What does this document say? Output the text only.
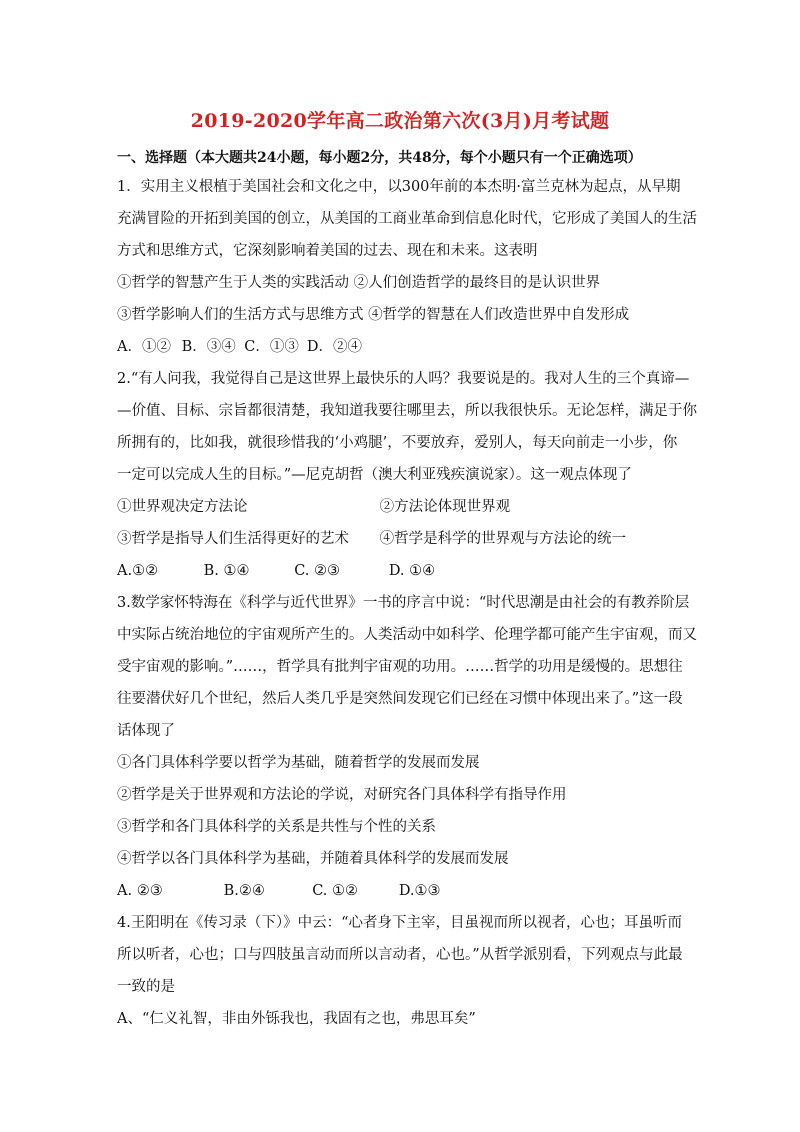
2019-2020学年高二政治第六次(3月)月考试题
一、选择题（本大题共24小题，每小题2分，共48分，每个小题只有一个正确选项）
1．实用主义根植于美国社会和文化之中，以300年前的本杰明·富兰克林为起点，从早期
充满冒险的开拓到美国的创立，从美国的工商业革命到信息化时代，它形成了美国人的生活
方式和思维方式，它深刻影响着美国的过去、现在和未来。这表明
①哲学的智慧产生于人类的实践活动 ②人们创造哲学的最终目的是认识世界
③哲学影响人们的生活方式与思维方式 ④哲学的智慧在人们改造世界中自发形成
A．①② B．③④ C．①③ D．②④
2.“有人问我，我觉得自己是这世界上最快乐的人吗？我要说是的。我对人生的三个真谛—
—价值、目标、宗旨都很清楚，我知道我要往哪里去，所以我很快乐。无论怎样，满足于你
所拥有的，比如我，就很珍惜我的‘小鸡腿’，不要放弃，爱别人，每天向前走一小步，你
一定可以完成人生的目标。”—尼克胡哲（澳大利亚残疾演说家）。这一观点体现了
①世界观决定方法论	②方法论体现世界观
③哲学是指导人们生活得更好的艺术 ④哲学是科学的世界观与方法论的统一
A.①②	B. ①④	C. ②③	D. ①④
3.数学家怀特海在《科学与近代世界》一书的序言中说：“时代思潮是由社会的有教养阶层
中实际占统治地位的宇宙观所产生的。人类活动中如科学、伦理学都可能产生宇宙观，而又
受宇宙观的影响。”……，哲学具有批判宇宙观的功用。……哲学的功用是缓慢的。思想往
往要潜伏好几个世纪，然后人类几乎是突然间发现它们已经在习惯中体现出来了。”这一段
话体现了
①各门具体科学要以哲学为基础，随着哲学的发展而发展
②哲学是关于世界观和方法论的学说，对研究各门具体科学有指导作用
③哲学和各门具体科学的关系是共性与个性的关系
④哲学以各门具体科学为基础，并随着具体科学的发展而发展
A. ②③	B.②④	C. ①②	D.①③
4.王阳明在《传习录（下）》中云：“心者身下主宰，目虽视而所以视者，心也；耳虽听而
所以听者，心也；口与四肢虽言动而所以言动者，心也。”从哲学派别看，下列观点与此最
一致的是
A、“仁义礼智，非由外铄我也，我固有之也，弗思耳矣”
